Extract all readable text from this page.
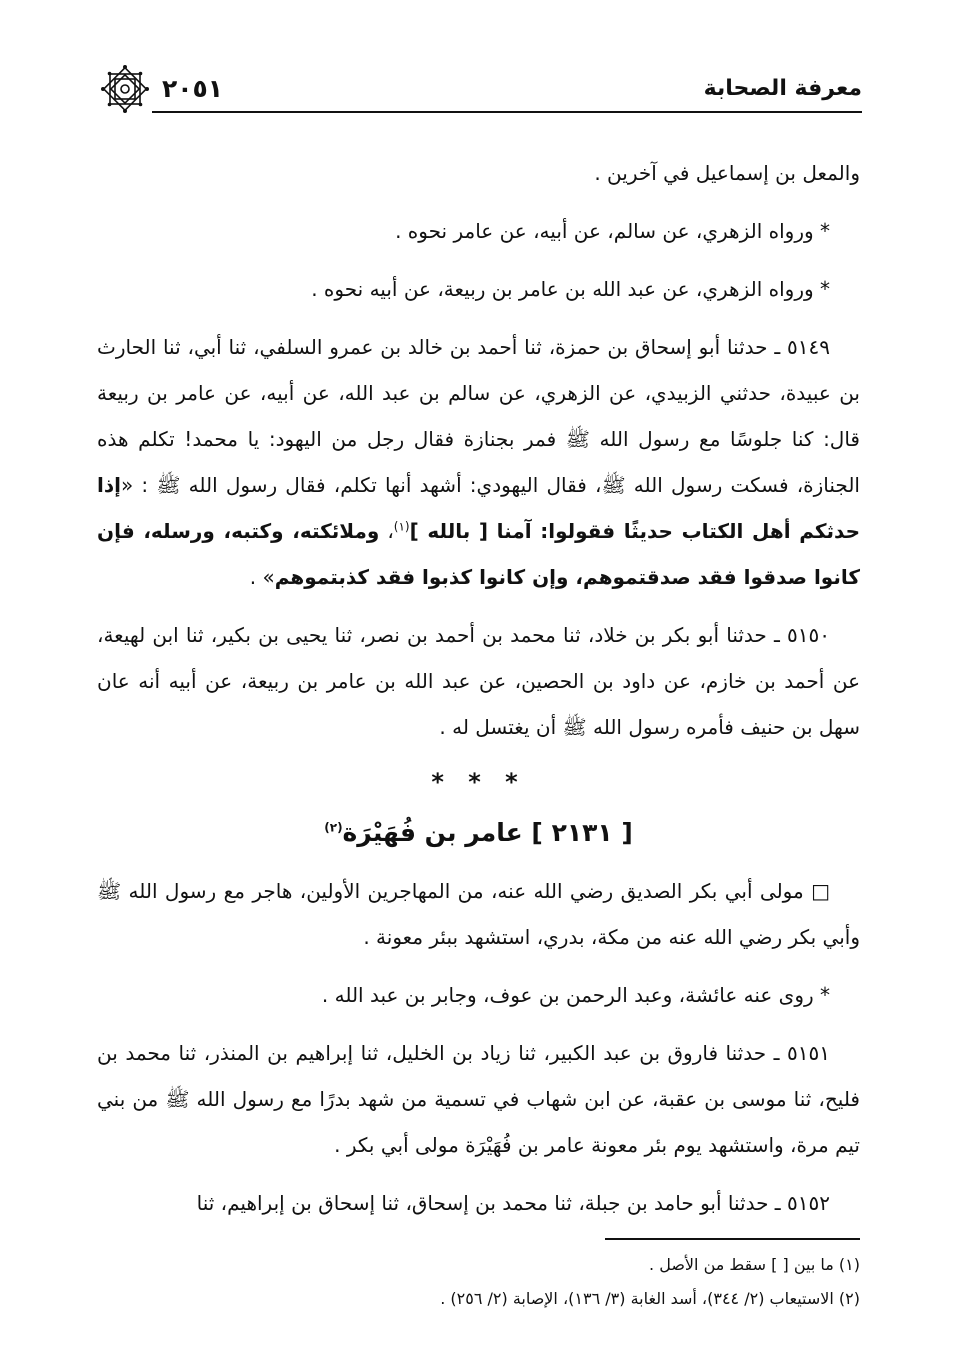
معرفة الصحابة
٢٠٥١

والمعل بن إسماعيل في آخرين .

* ورواه الزهري، عن سالم، عن أبيه، عن عامر نحوه .

* ورواه الزهري، عن عبد الله بن عامر بن ربيعة، عن أبيه نحوه .

٥١٤٩ ـ حدثنا أبو إسحاق بن حمزة، ثنا أحمد بن خالد بن عمرو السلفي، ثنا أبي، ثنا الحارث بن عبيدة، حدثني الزبيدي، عن الزهري، عن سالم بن عبد الله، عن أبيه، عن عامر بن ربيعة قال: كنا جلوسًا مع رسول الله ﷺ فمر بجنازة فقال رجل من اليهود: يا محمد! تكلم هذه الجنازة، فسكت رسول الله ﷺ، فقال اليهودي: أشهد أنها تكلم، فقال رسول الله ﷺ : «إذا حدثكم أهل الكتاب حديثًا فقولوا: آمنا [ بالله ]$^{(١)}$، وملائكته، وكتبه، ورسله، فإن كانوا صدقوا فقد صدقتموهم، وإن كانوا كذبوا فقد كذبتموهم» .

٥١٥٠ ـ حدثنا أبو بكر بن خلاد، ثنا محمد بن أحمد بن نصر، ثنا يحيى بن بكير، ثنا ابن لهيعة، عن أحمد بن خازم، عن داود بن الحصين، عن عبد الله بن عامر بن ربيعة، عن أبيه أنه عان سهل بن حنيف فأمره رسول الله ﷺ أن يغتسل له .

* * *
[ ٢١٣١ ] عامر بن فُهَيْرَة$^{(٢)}$

□ مولى أبي بكر الصديق رضي الله عنه، من المهاجرين الأولين، هاجر مع رسول الله ﷺ وأبي بكر رضي الله عنه من مكة، بدري، استشهد ببئر معونة .

* روى عنه عائشة، وعبد الرحمن بن عوف، وجابر بن عبد الله .

٥١٥١ ـ حدثنا فاروق بن عبد الكبير، ثنا زياد بن الخليل، ثنا إبراهيم بن المنذر، ثنا محمد بن فليح، ثنا موسى بن عقبة، عن ابن شهاب في تسمية من شهد بدرًا مع رسول الله ﷺ من بني تيم مرة، واستشهد يوم بئر معونة عامر بن فُهَيْرَة مولى أبي بكر .

٥١٥٢ ـ حدثنا أبو حامد بن جبلة، ثنا محمد بن إسحاق، ثنا إسحاق بن إبراهيم، ثنا

(١) ما بين [ ] سقط من الأصل .

(٢) الاستيعاب (٢/ ٣٤٤)، أسد الغابة (٣/ ١٣٦)، الإصابة (٢/ ٢٥٦) .
